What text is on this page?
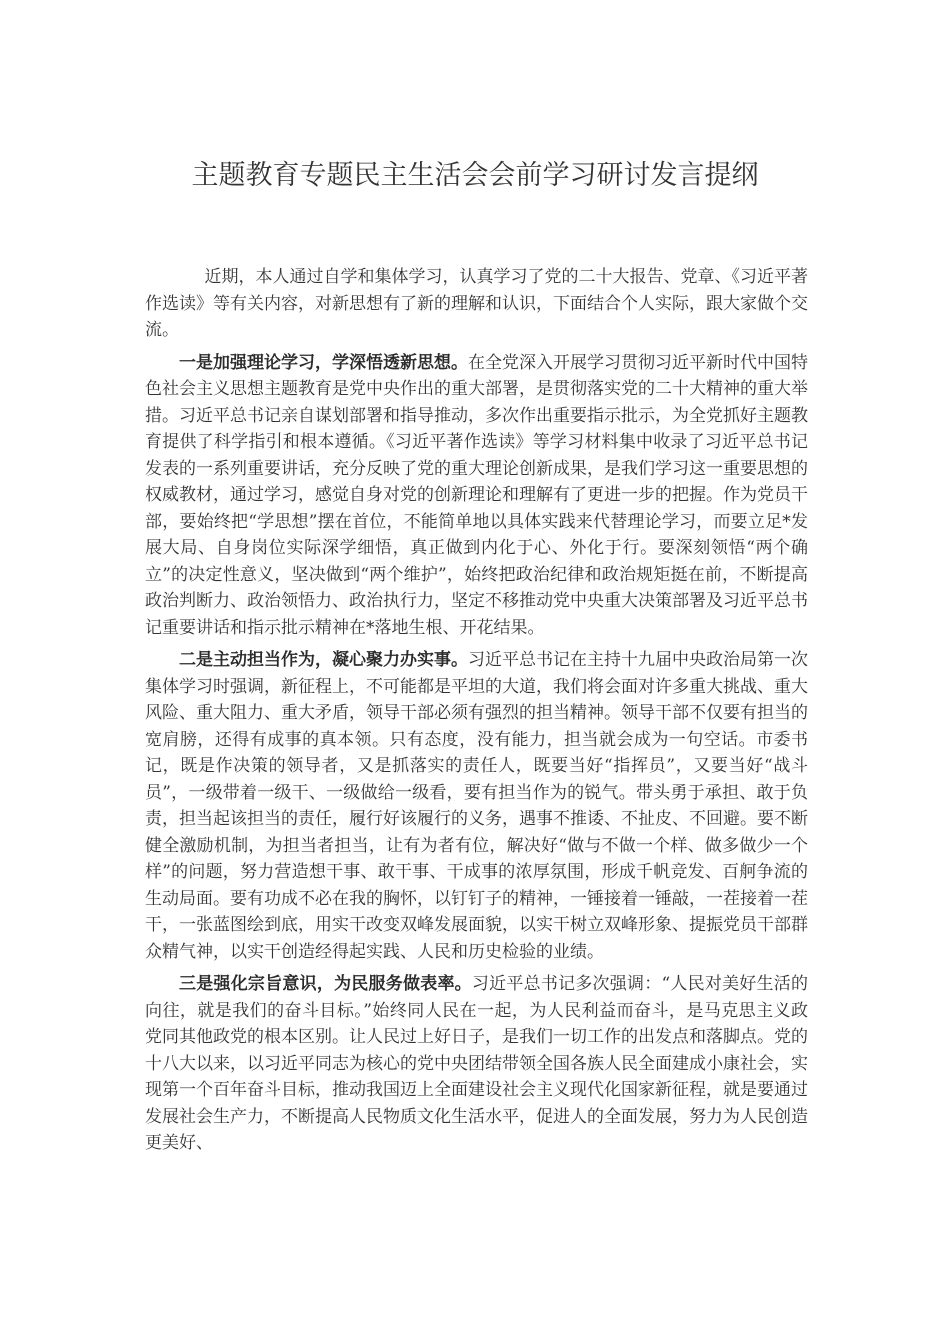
主题教育专题民主生活会会前学习研讨发言提纲

近期，本人通过自学和集体学习，认真学习了党的二十大报告、党章、《习近平著作选读》等有关内容，对新思想有了新的理解和认识，下面结合个人实际，跟大家做个交流。

一是加强理论学习，学深悟透新思想。在全党深入开展学习贯彻习近平新时代中国特色社会主义思想主题教育是党中央作出的重大部署，是贯彻落实党的二十大精神的重大举措。习近平总书记亲自谋划部署和指导推动，多次作出重要指示批示，为全党抓好主题教育提供了科学指引和根本遵循。《习近平著作选读》等学习材料集中收录了习近平总书记发表的一系列重要讲话，充分反映了党的重大理论创新成果，是我们学习这一重要思想的权威教材，通过学习，感觉自身对党的创新理论和理解有了更进一步的把握。作为党员干部，要始终把“学思想”摆在首位，不能简单地以具体实践来代替理论学习，而要立足*发展大局、自身岗位实际深学细悟，真正做到内化于心、外化于行。要深刻领悟“两个确立”的决定性意义，坚决做到“两个维护”，始终把政治纪律和政治规矩挺在前，不断提高政治判断力、政治领悟力、政治执行力，坚定不移推动党中央重大决策部署及习近平总书记重要讲话和指示批示精神在*落地生根、开花结果。

二是主动担当作为，凝心聚力办实事。习近平总书记在主持十九届中央政治局第一次集体学习时强调，新征程上，不可能都是平坦的大道，我们将会面对许多重大挑战、重大风险、重大阻力、重大矛盾，领导干部必须有强烈的担当精神。领导干部不仅要有担当的宽肩膀，还得有成事的真本领。只有态度，没有能力，担当就会成为一句空话。市委书记，既是作决策的领导者，又是抓落实的责任人，既要当好“指挥员”，又要当好“战斗员”，一级带着一级干、一级做给一级看，要有担当作为的锐气。带头勇于承担、敢于负责，担当起该担当的责任，履行好该履行的义务，遇事不推诿、不扯皮、不回避。要不断健全激励机制，为担当者担当，让有为者有位，解决好“做与不做一个样、做多做少一个样”的问题，努力营造想干事、敢干事、干成事的浓厚氛围，形成千帆竞发、百舸争流的生动局面。要有功成不必在我的胸怀，以钉钉子的精神，一锤接着一锤敲，一茬接着一茬干，一张蓝图绘到底，用实干改变双峰发展面貌，以实干树立双峰形象、提振党员干部群众精气神，以实干创造经得起实践、人民和历史检验的业绩。

三是强化宗旨意识，为民服务做表率。习近平总书记多次强调：“人民对美好生活的向往，就是我们的奋斗目标。”始终同人民在一起，为人民利益而奋斗，是马克思主义政党同其他政党的根本区别。让人民过上好日子，是我们一切工作的出发点和落脚点。党的十八大以来，以习近平同志为核心的党中央团结带领全国各族人民全面建成小康社会，实现第一个百年奋斗目标，推动我国迈上全面建设社会主义现代化国家新征程，就是要通过发展社会生产力，不断提高人民物质文化生活水平，促进人的全面发展，努力为人民创造更美好、
